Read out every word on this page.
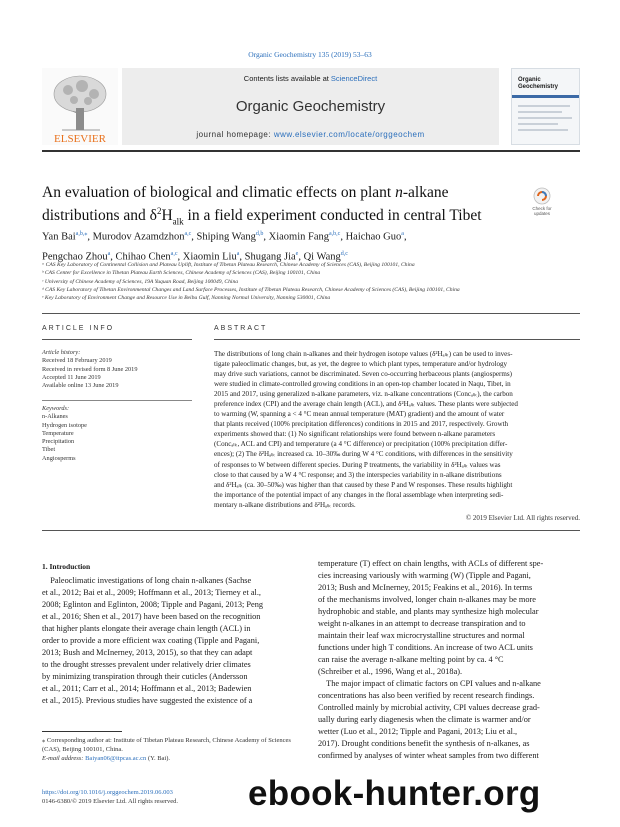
Organic Geochemistry 135 (2019) 53–63
ELSEVIER
Contents lists available at ScienceDirect
Organic Geochemistry
journal homepage: www.elsevier.com/locate/orggeochem
Organic
Geochemistry
An evaluation of biological and climatic effects on plant n-alkane
distributions and $\delta^2H_{alk}$ in a field experiment conducted in central Tibet	Check for
updates
Yan Bai$^{a,b,⁎}$, Murodov Azamdzhon$^{a,c}$, Shiping Wang$^{d,b}$, Xiaomin Fang$^{a,b,c}$, Haichao Guo$^a$,
Pengchao Zhou$^a$, Chihao Chen$^{a,c}$, Xiaomin Liu$^a$, Shugang Jia$^e$, Qi Wang$^{d,c}$
ᵃ CAS Key Laboratory of Continental Collision and Plateau Uplift, Institute of Tibetan Plateau Research, Chinese Academy of Sciences (CAS), Beijing 100101, China
ᵇ CAS Center for Excellence in Tibetan Plateau Earth Sciences, Chinese Academy of Sciences (CAS), Beijing 100101, China
ᶜ University of Chinese Academy of Sciences, 19A Yuquan Road, Beijing 100049, China
ᵈ CAS Key Laboratory of Tibetan Environmental Changes and Land Surface Processes, Institute of Tibetan Plateau Research, Chinese Academy of Sciences (CAS), Beijing 100101, China
ᵉ Key Laboratory of Environment Change and Resource Use in Beibu Gulf, Nanning Normal University, Nanning 530001, China
ARTICLE INFO	ABSTRACT
Article history:
Received 18 February 2019
Received in revised form 8 June 2019
Accepted 11 June 2019
Available online 13 June 2019
Keywords:
n-Alkanes
Hydrogen isotope
Temperature
Precipitation
Tibet
Angiosperms
The distributions of long chain n-alkanes and their hydrogen isotope values (δ²Hₐₗₖ) can be used to inves-
tigate paleoclimatic changes, but, as yet, the degree to which plant types, temperature and/or hydrology
may drive such variations, cannot be discriminated. Seven co-occurring herbaceous plants (angiosperms)
were studied in climate-controlled growing conditions in an open-top chamber located in Naqu, Tibet, in
2015 and 2017, using generalized n-alkane parameters, viz. n-alkane concentrations (Concₐₗₖ), the carbon
preference index (CPI) and the average chain length (ACL), and δ²Hₐₗₖ values. These plants were subjected
to warming (W, spanning a < 4 °C mean annual temperature (MAT) gradient) and the amount of water
that plants received (100% precipitation differences) conditions in 2015 and 2017, respectively. Growth
experiments showed that: (1) No significant relationships were found between n-alkane parameters
(Concₐₗₖ, ACL and CPI) and temperature (a 4 °C difference) or precipitation (100% precipitation differ-
ences); (2) The δ²Hₐₗₖ increased ca. 10–30‰ during W 4 °C conditions, with differences in the sensitivity
of responses to W between different species. During P treatments, the variability in δ²Hₐₗₖ values was
close to that caused by a W 4 °C response; and 3) the interspecies variability in n-alkane distributions
and δ²Hₐₗₖ (ca. 30–50‰) was higher than that caused by these P and W responses. These results highlight
the importance of the potential impact of any changes in the floral assemblage when interpreting sedi-
mentary n-alkane distributions and δ²Hₐₗₖ records.
© 2019 Elsevier Ltd. All rights reserved.
1. Introduction
Paleoclimatic investigations of long chain n-alkanes (Sachse
et al., 2012; Bai et al., 2009; Hoffmann et al., 2013; Tierney et al.,
2008; Eglinton and Eglinton, 2008; Tipple and Pagani, 2013; Peng
et al., 2016; Shen et al., 2017) have been based on the recognition
that higher plants elongate their average chain length (ACL) in
order to provide a more efficient wax coating (Tipple and Pagani,
2013; Bush and McInerney, 2013, 2015), so that they can adapt
to the drought stresses prevalent under relatively drier climates
by minimizing transpiration through their cuticles (Andersson
et al., 2011; Carr et al., 2014; Hoffmann et al., 2013; Badewien
et al., 2015). Previous studies have suggested the existence of a
temperature (T) effect on chain lengths, with ACLs of different spe-
cies increasing variously with warming (W) (Tipple and Pagani,
2013; Bush and McInerney, 2015; Feakins et al., 2016). In terms
of the mechanisms involved, longer chain n-alkanes may be more
hydrophobic and stable, and plants may synthesize high molecular
weight n-alkanes in an attempt to decrease transpiration and to
maintain their leaf wax microcrystalline structures and normal
functions under high T conditions. An increase of two ACL units
can raise the average n-alkane melting point by ca. 4 °C
(Schreiber et al., 1996, Wang et al., 2018a).
The major impact of climatic factors on CPI values and n-alkane
concentrations has also been verified by recent research findings.
Controlled mainly by microbial activity, CPI values decrease grad-
ually during early diagenesis when the climate is warmer and/or
wetter (Luo et al., 2012; Tipple and Pagani, 2013; Liu et al.,
2017). Drought conditions benefit the synthesis of n-alkanes, as
confirmed by analyses of winter wheat samples from two different
⁎ Corresponding author at: Institute of Tibetan Plateau Research, Chinese Academy of Sciences (CAS), Beijing 100101, China.
E-mail address: Baiyan06@itpcas.ac.cn (Y. Bai).
https://doi.org/10.1016/j.orggeochem.2019.06.003
0146-6380/© 2019 Elsevier Ltd. All rights reserved. ebook-hunter.org
